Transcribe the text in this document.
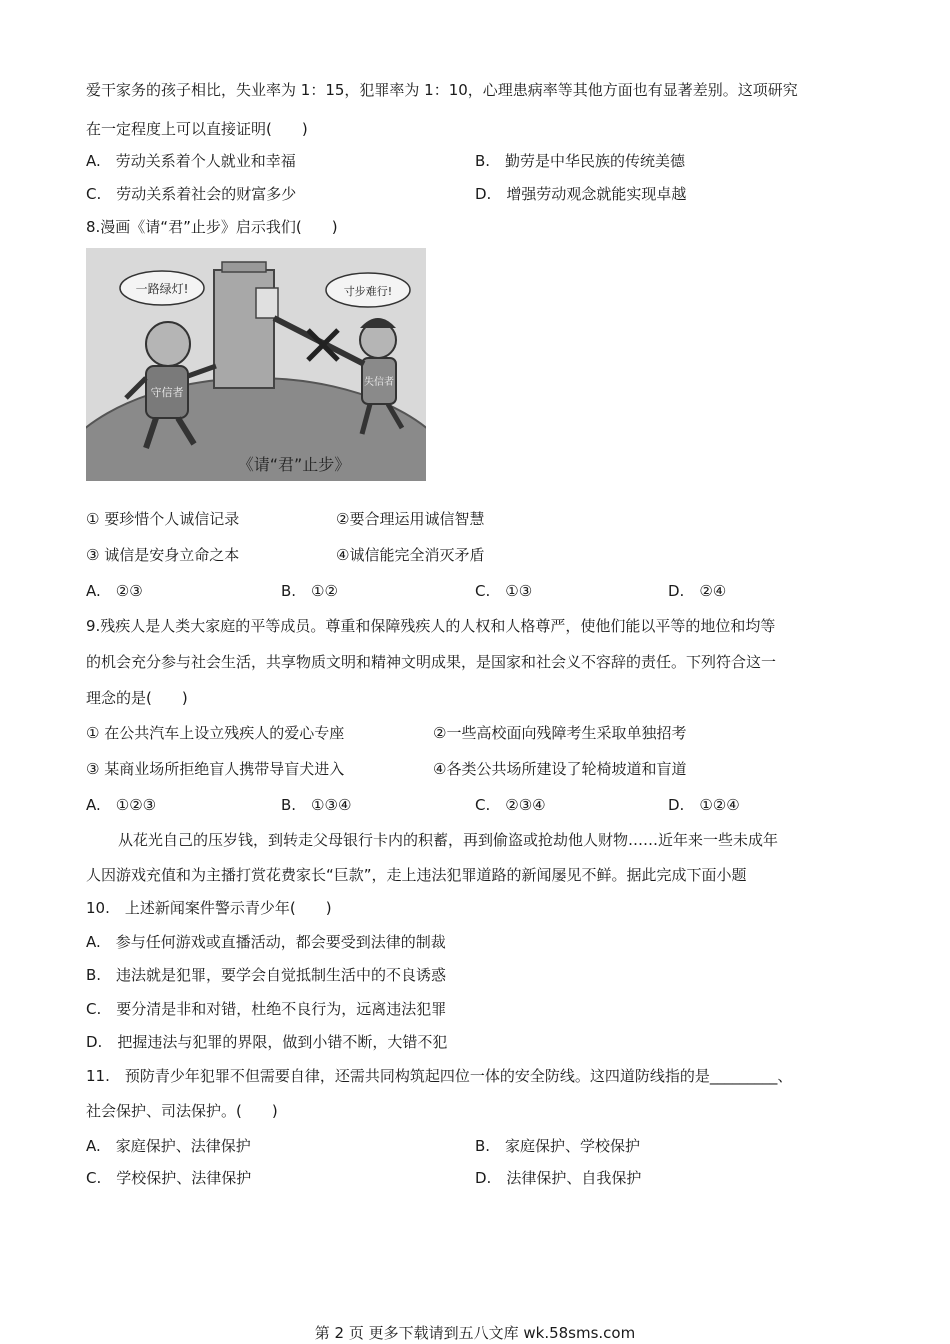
爱干家务的孩子相比，失业率为 1：15，犯罪率为 1：10，心理患病率等其他方面也有显著差别。这项研究
在一定程度上可以直接证明(　　)
A.　劳动关系着个人就业和幸福	B.　勤劳是中华民族的传统美德
C.　劳动关系着社会的财富多少	D.　增强劳动观念就能实现卓越
8.漫画《请“君”止步》启示我们(　　)
一路绿灯!	寸步难行!
守信者
失信者
《请“君”止步》
① 要珍惜个人诚信记录	②要合理运用诚信智慧
③ 诚信是安身立命之本	④诚信能完全消灭矛盾
A.　②③	B.　①②	C.　①③	D.　②④
9.残疾人是人类大家庭的平等成员。尊重和保障残疾人的人权和人格尊严，使他们能以平等的地位和均等
的机会充分参与社会生活，共享物质文明和精神文明成果，是国家和社会义不容辞的责任。下列符合这一
理念的是(　　)
① 在公共汽车上设立残疾人的爱心专座	②一些高校面向残障考生采取单独招考
③ 某商业场所拒绝盲人携带导盲犬进入	④各类公共场所建设了轮椅坡道和盲道
A.　①②③	B.　①③④	C.　②③④	D.　①②④
从花光自己的压岁钱，到转走父母银行卡内的积蓄，再到偷盗或抢劫他人财物……近年来一些未成年
人因游戏充值和为主播打赏花费家长“巨款”，走上违法犯罪道路的新闻屡见不鲜。据此完成下面小题
10.　上述新闻案件警示青少年(　　)
A.　参与任何游戏或直播活动，都会要受到法律的制裁
B.　违法就是犯罪，要学会自觉抵制生活中的不良诱惑
C.　要分清是非和对错，杜绝不良行为，远离违法犯罪
D.　把握违法与犯罪的界限，做到小错不断，大错不犯
11.　预防青少年犯罪不但需要自律，还需共同构筑起四位一体的安全防线。这四道防线指的是_________、
社会保护、司法保护。(　　)
A.　家庭保护、法律保护	B.　家庭保护、学校保护
C.　学校保护、法律保护	D.　法律保护、自我保护
第 2 页 更多下载请到五八文库 wk.58sms.com
